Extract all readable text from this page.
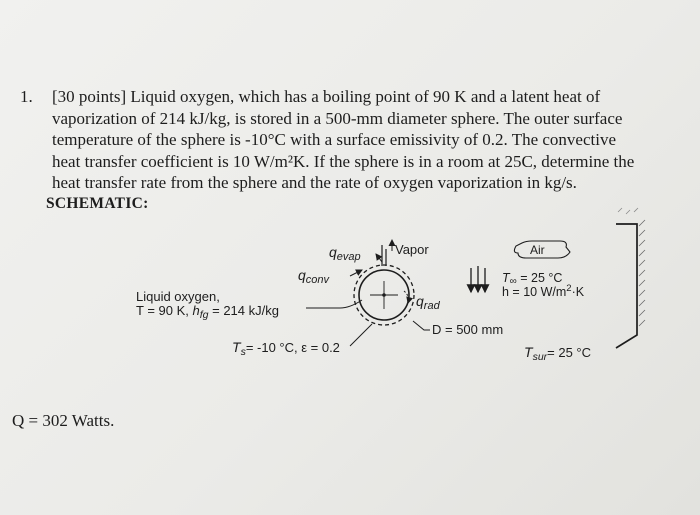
1. [30 points] Liquid oxygen, which has a boiling point of 90 K and a latent heat of
vaporization of 214 kJ/kg, is stored in a 500-mm diameter sphere. The outer surface
temperature of the sphere is -10°C with a surface emissivity of 0.2. The convective
heat transfer coefficient is 10 W/m²K. If the sphere is in a room at 25C, determine the
heat transfer rate from the sphere and the rate of oxygen vaporization in kg/s.
SCHEMATIC:
$q_{evap}$	Vapor
$q_{conv}$
$q_{rad}$
Air
T∞ = 25 °C
h = 10 $W/m^2\cdot K$
Liquid oxygen,
T = 90 K, $h_{fg} = 214$ kJ/kg
D = 500 mm
$T_s= -10$ °C, ε = 0.2	$T_{sur}= 25$ °C
Q = 302 Watts.
